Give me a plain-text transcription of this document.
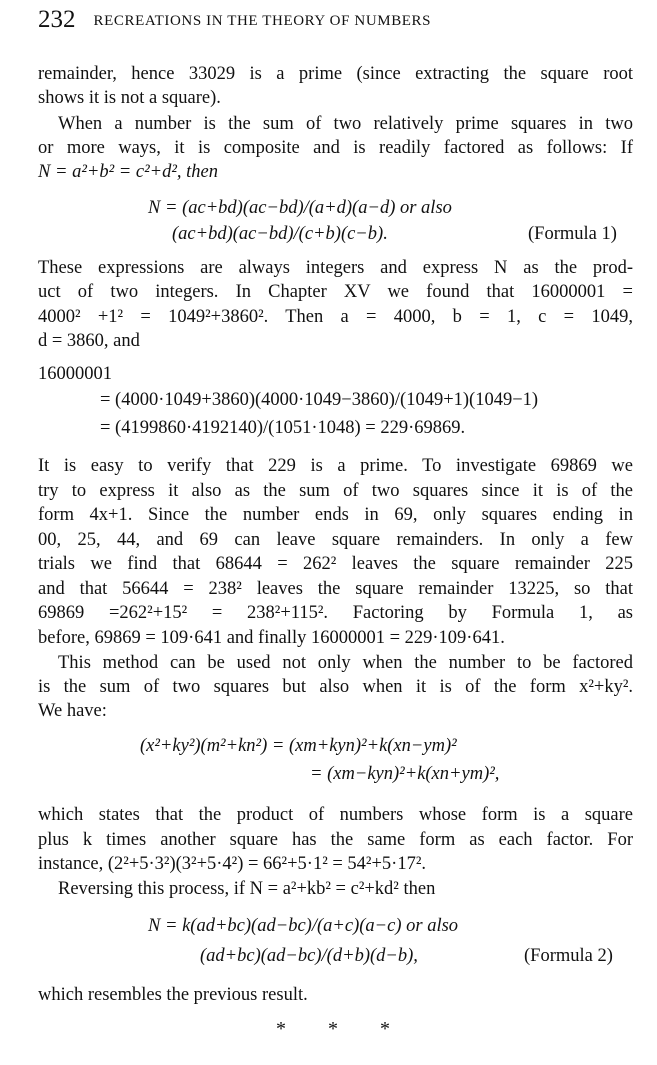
232 RECREATIONS IN THE THEORY OF NUMBERS
remainder, hence 33029 is a prime (since extracting the square root
shows it is not a square).
When a number is the sum of two relatively prime squares in two
or more ways, it is composite and is readily factored as follows: If
N = a²+b² = c²+d², then
N = (ac+bd)(ac−bd)/(a+d)(a−d) or also
(ac+bd)(ac−bd)/(c+b)(c−b).	(Formula 1)
These expressions are always integers and express N as the prod-
uct of two integers. In Chapter XV we found that 16000001 =
4000² +1² = 1049²+3860². Then a = 4000, b = 1, c = 1049,
d = 3860, and
16000001
= (4000·1049+3860)(4000·1049−3860)/(1049+1)(1049−1)
= (4199860·4192140)/(1051·1048) = 229·69869.
It is easy to verify that 229 is a prime. To investigate 69869 we
try to express it also as the sum of two squares since it is of the
form 4x+1. Since the number ends in 69, only squares ending in
00, 25, 44, and 69 can leave square remainders. In only a few
trials we find that 68644 = 262² leaves the square remainder 225
and that 56644 = 238² leaves the square remainder 13225, so that
69869 =262²+15² = 238²+115². Factoring by Formula 1, as
before, 69869 = 109·641 and finally 16000001 = 229·109·641.
This method can be used not only when the number to be factored
is the sum of two squares but also when it is of the form x²+ky².
We have:
(x²+ky²)(m²+kn²) = (xm+kyn)²+k(xn−ym)²
= (xm−kyn)²+k(xn+ym)²,
which states that the product of numbers whose form is a square
plus k times another square has the same form as each factor. For
instance, (2²+5·3²)(3²+5·4²) = 66²+5·1² = 54²+5·17².
Reversing this process, if N = a²+kb² = c²+kd² then
N = k(ad+bc)(ad−bc)/(a+c)(a−c) or also
(ad+bc)(ad−bc)/(d+b)(d−b),	(Formula 2)
which resembles the previous result.
* * *
